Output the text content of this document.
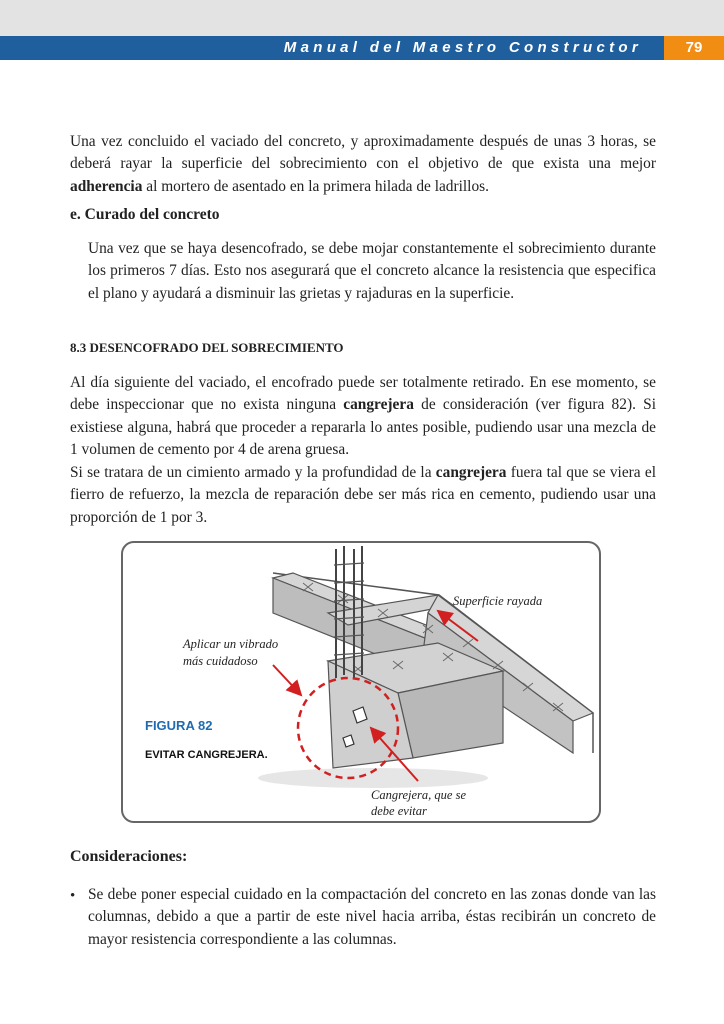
Manual del Maestro Constructor	79

Una vez concluido el vaciado del concreto, y aproximadamente después de unas 3 horas, se deberá rayar la superficie del sobrecimiento con el objetivo de que exista una mejor adherencia al mortero de asentado en la primera hilada de ladrillos.

e. Curado del concreto

Una vez que se haya desencofrado, se debe mojar constantemente el sobrecimiento durante los primeros 7 días. Esto nos asegurará que el concreto alcance la resistencia que especifica el plano y ayudará a disminuir las grietas y rajaduras en la superficie.

8.3 DESENCOFRADO DEL SOBRECIMIENTO

Al día siguiente del vaciado, el encofrado puede ser totalmente retirado. En ese momento, se debe inspeccionar que no exista ninguna cangrejera de consideración (ver figura 82). Si existiese alguna, habrá que proceder a repararla lo antes posible, pudiendo usar una mezcla de 1 volumen de cemento por 4 de arena gruesa.

Si se tratara de un cimiento armado y la profundidad de la cangrejera fuera tal que se viera el fierro de refuerzo, la mezcla de reparación debe ser más rica en cemento, pudiendo usar una proporción de 1 por 3.

Superficie rayada
Aplicar un vibrado
más cuidadoso
FIGURA 82
EVITAR CANGREJERA.
Cangrejera, que se
debe evitar
Consideraciones:
• Se debe poner especial cuidado en la compactación del concreto en las zonas donde van las columnas, debido a que a partir de este nivel hacia arriba, éstas recibirán un concreto de mayor resistencia correspondiente a las columnas.
